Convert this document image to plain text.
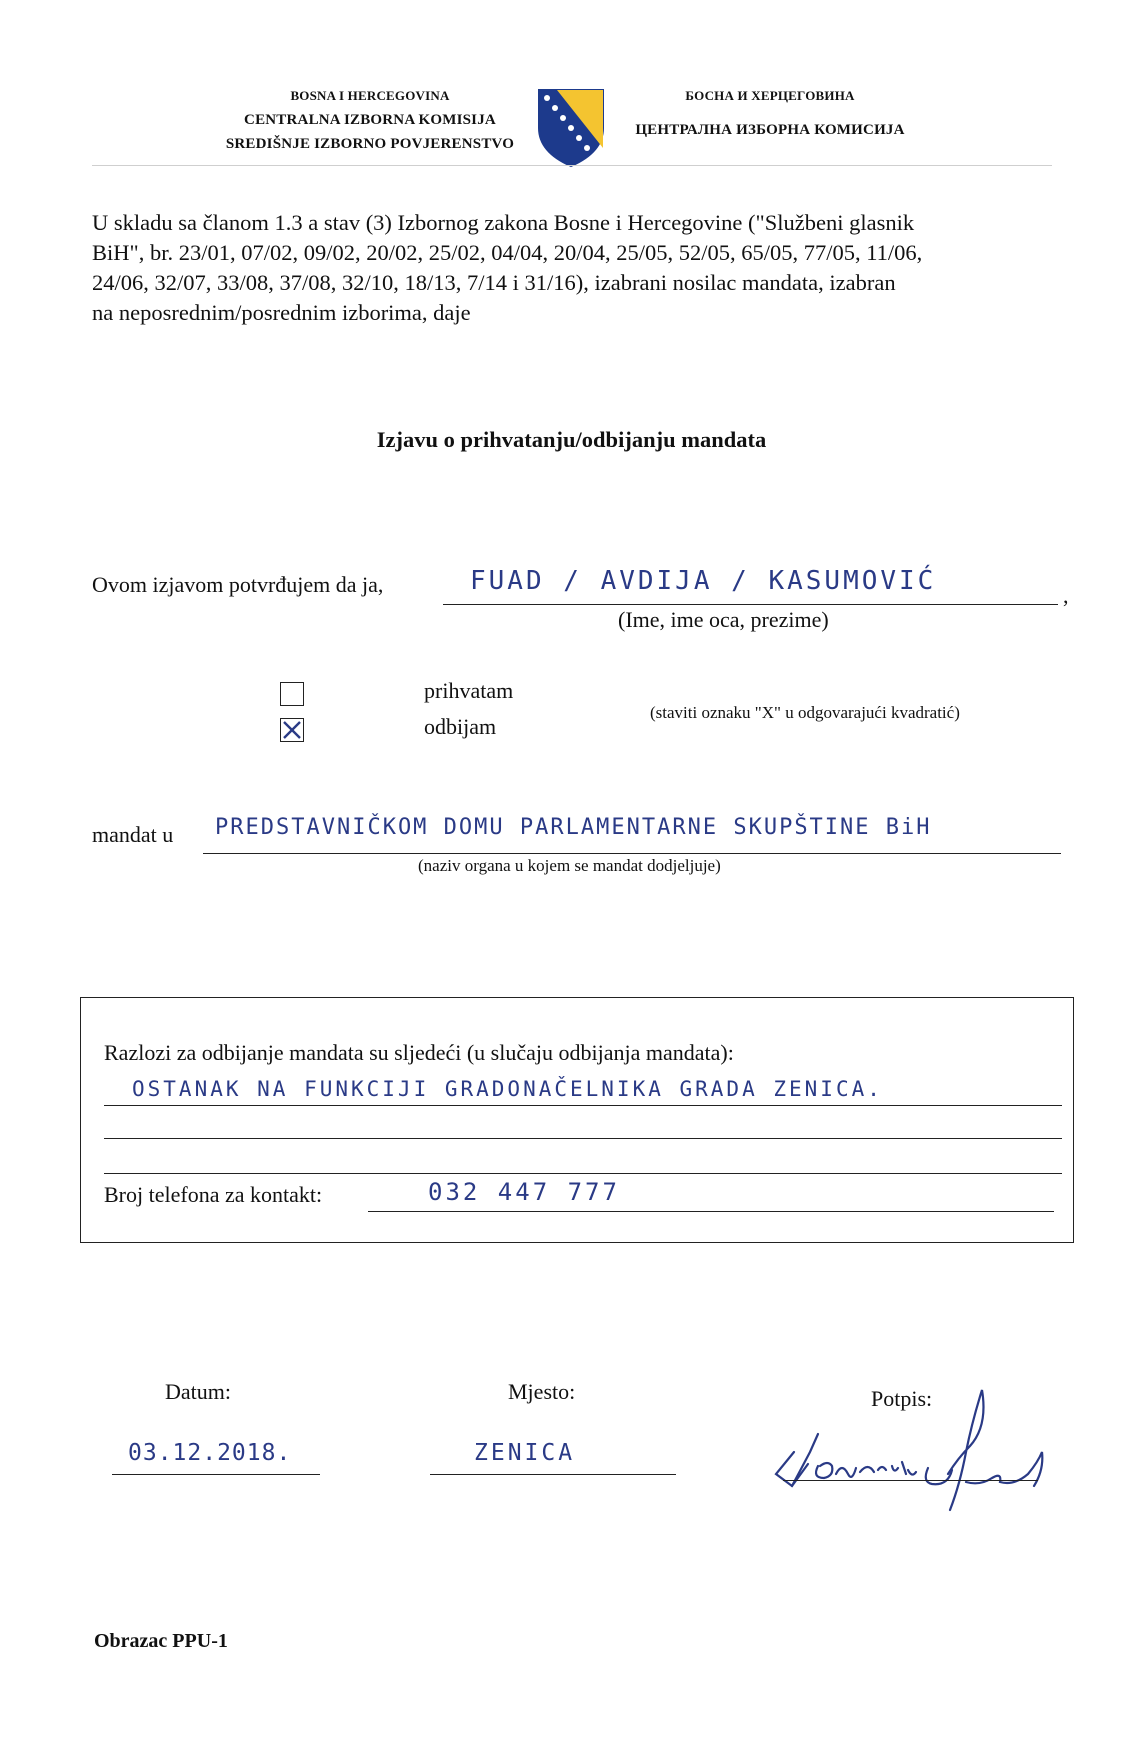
BOSNA I HERCEGOVINA
CENTRALNA IZBORNA KOMISIJA
SREDIŠNJE IZBORNO POVJERENSTVO
БОСНА И ХЕРЦЕГОВИНА
ЦЕНТРАЛНА ИЗБОРНА КОМИСИЈА
U skladu sa članom 1.3 a stav (3) Izbornog zakona Bosne i Hercegovine ("Službeni glasnik
BiH", br. 23/01, 07/02, 09/02, 20/02, 25/02, 04/04, 20/04, 25/05, 52/05, 65/05, 77/05, 11/06,
24/06, 32/07, 33/08, 37/08, 32/10, 18/13, 7/14 i 31/16), izabrani nosilac mandata, izabran
na neposrednim/posrednim izborima, daje
Izjavu o prihvatanju/odbijanju mandata
Ovom izjavom potvrđujem da ja,	FUAD / AVDIJA / KASUMOVIĆ	,
(Ime, ime oca, prezime)
prihvatam
odbijam
(staviti oznaku "X" u odgovarajući kvadratić)
mandat u PREDSTAVNIČKOM DOMU PARLAMENTARNE SKUPŠTINE BiH
(naziv organa u kojem se mandat dodjeljuje)
Razlozi za odbijanje mandata su sljedeći (u slučaju odbijanja mandata):
OSTANAK NA FUNKCIJI GRADONAČELNIKA GRADA ZENICA.
Broj telefona za kontakt:	032 447 777
Datum:
03.12.2018.
Mjesto:
ZENICA
Potpis:
Obrazac PPU-1
